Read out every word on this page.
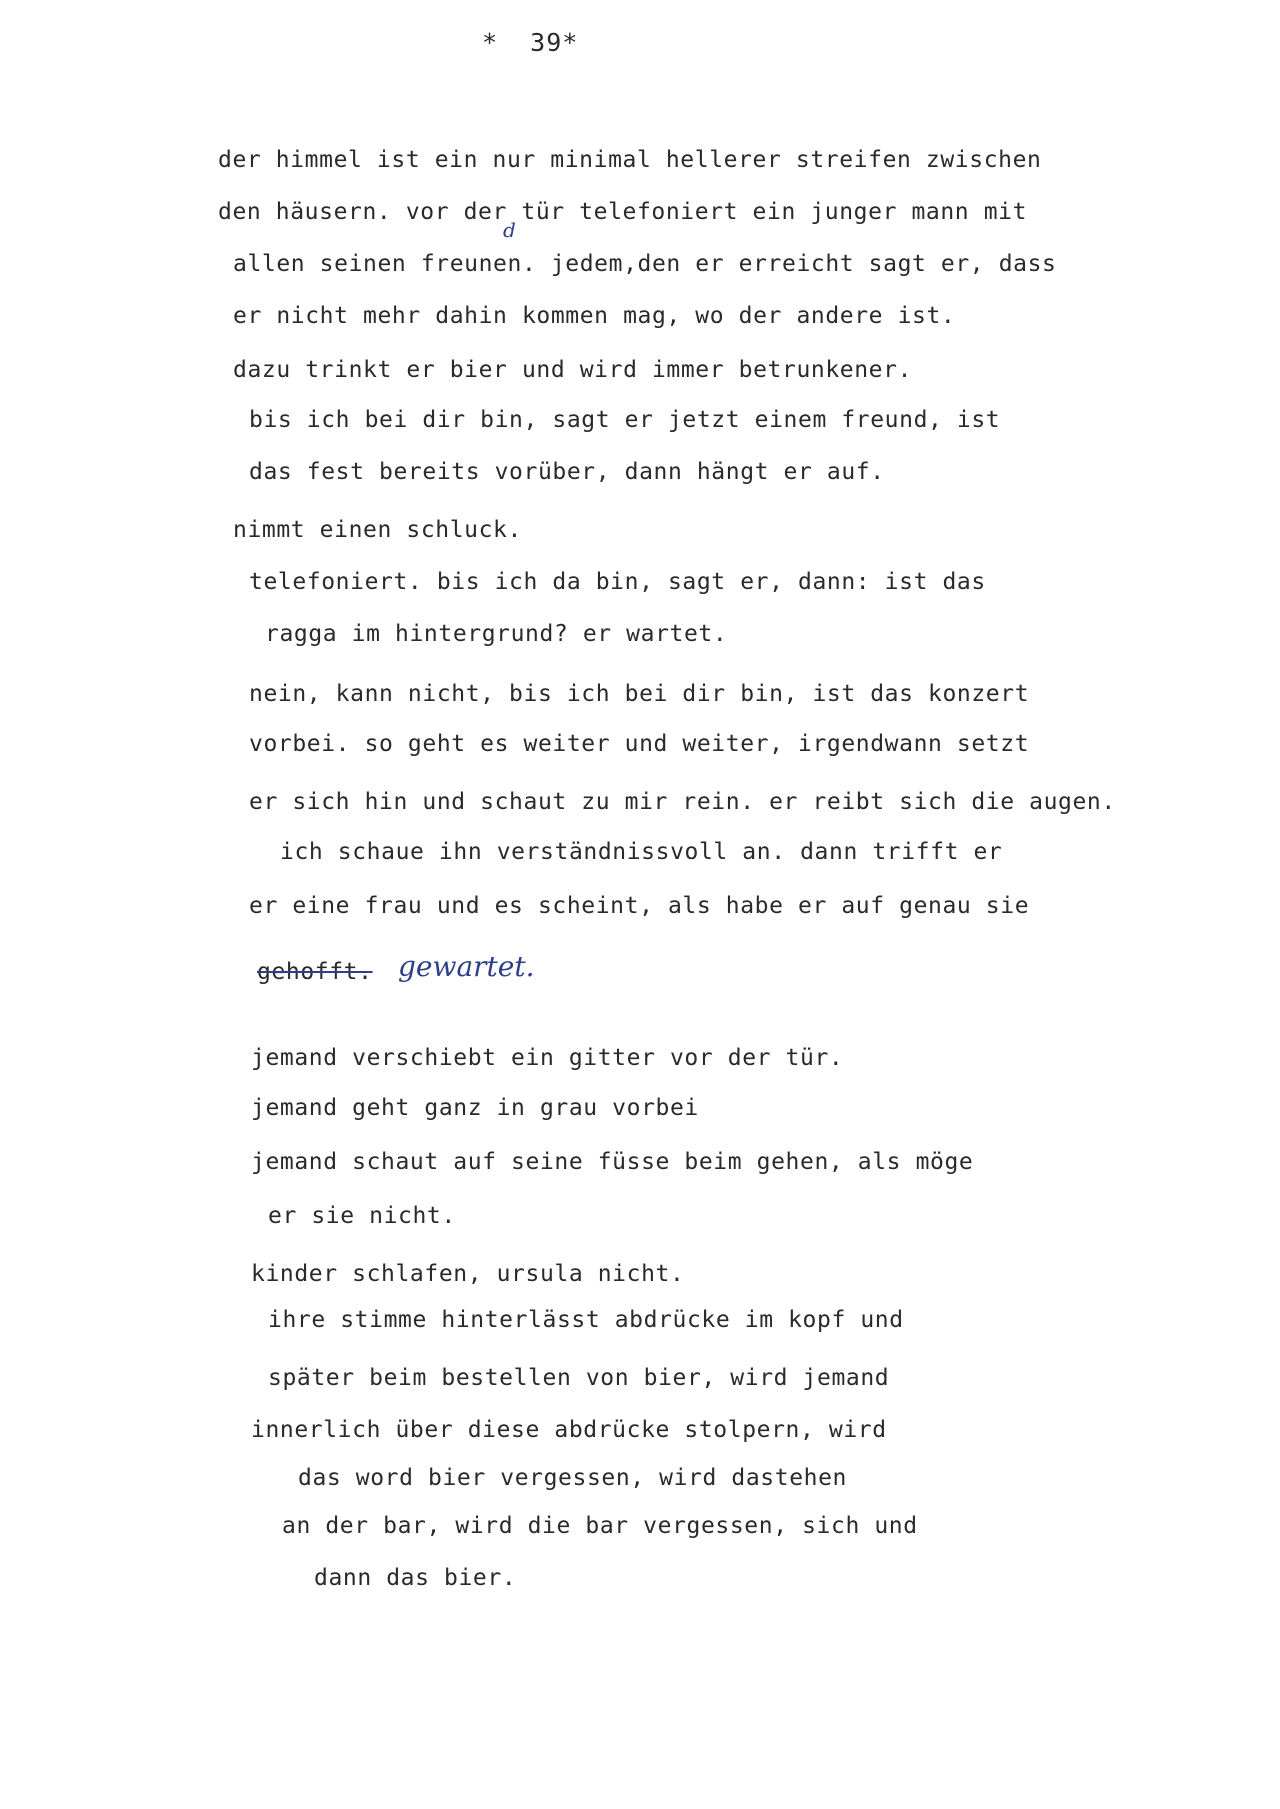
*  39*
der himmel ist ein nur minimal hellerer streifen zwischen
den häusern. vor der tür telefoniert ein junger mann mit
allen seinen freunen. jedem,den er erreicht sagt er, dass
d
er nicht mehr dahin kommen mag, wo der andere ist.
dazu trinkt er bier und wird immer betrunkener.
bis ich bei dir bin, sagt er jetzt einem freund, ist
das fest bereits vorüber, dann hängt er auf.
nimmt einen schluck.
telefoniert. bis ich da bin, sagt er, dann: ist das
ragga im hintergrund? er wartet.
nein, kann nicht, bis ich bei dir bin, ist das konzert
vorbei. so geht es weiter und weiter, irgendwann setzt
er sich hin und schaut zu mir rein. er reibt sich die augen.
ich schaue ihn verständnissvoll an. dann trifft er
er eine frau und es scheint, als habe er auf genau sie
gehofft. gewartet.
jemand verschiebt ein gitter vor der tür.
jemand geht ganz in grau vorbei
jemand schaut auf seine füsse beim gehen, als möge
er sie nicht.
kinder schlafen, ursula nicht.
ihre stimme hinterlässt abdrücke im kopf und
später beim bestellen von bier, wird jemand
innerlich über diese abdrücke stolpern, wird
das word bier vergessen, wird dastehen
an der bar, wird die bar vergessen, sich und
dann das bier.
